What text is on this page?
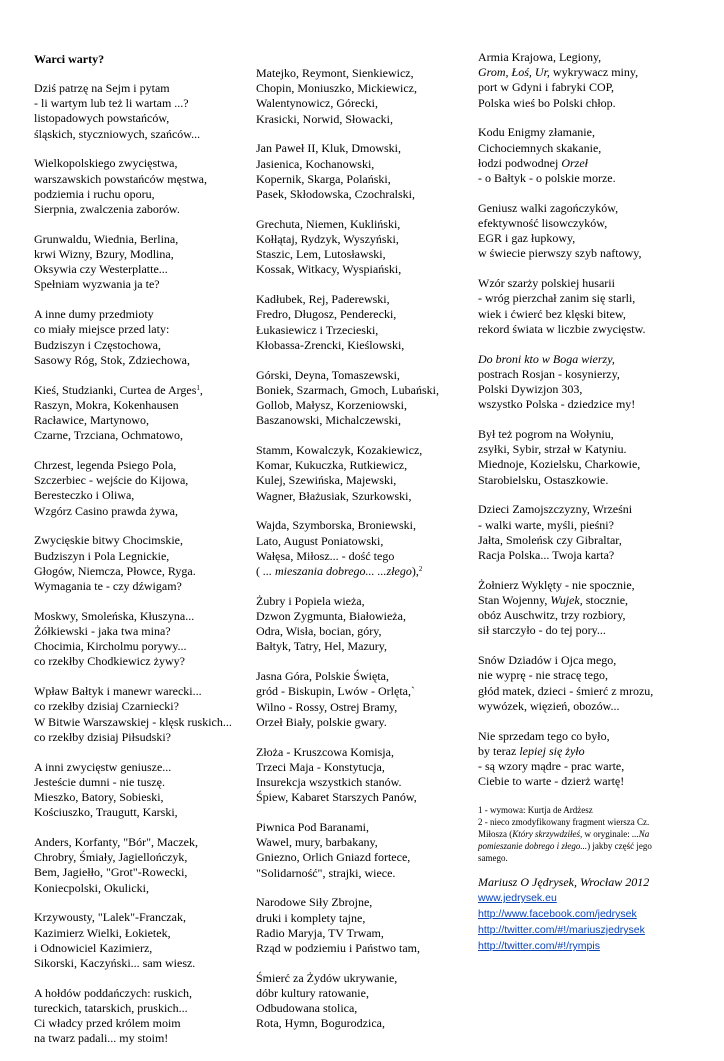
Warci warty?
Dziś patrzę na Sejm i pytam
- li wartym lub też li wartam ...?
listopadowych powstańców,
śląskich, styczniowych, szańców...
Wielkopolskiego zwycięstwa,
warszawskich powstańców męstwa,
podziemia i ruchu oporu,
Sierpnia, zwalczenia zaborów.
Grunwaldu, Wiednia, Berlina,
krwi Wizny, Bzury, Modlina,
Oksywia czy Westerplatte...
Spełniam wyzwania ja te?
A inne dumy przedmioty
co miały miejsce przed laty:
Budziszyn i Częstochowa,
Sasowy Róg, Stok, Zdziechowa,
Kieś, Studzianki, Curtea de Arges$^1$,
Raszyn, Mokra, Kokenhausen
Racławice, Martynowo,
Czarne, Trzciana, Ochmatowo,
Chrzest, legenda Psiego Pola,
Szczerbiec - wejście do Kijowa,
Beresteczko i Oliwa,
Wzgórz Casino prawda żywa,
Zwycięskie bitwy Chocimskie,
Budziszyn i Pola Legnickie,
Głogów, Niemcza, Płowce, Ryga.
Wymagania te - czy dźwigam?
Moskwy, Smoleńska, Kłuszyna...
Żółkiewski - jaka twa mina?
Chocimia, Kircholmu porywy...
co rzekłby Chodkiewicz żywy?
Wpław Bałtyk i manewr warecki...
co rzekłby dzisiaj Czarniecki?
W Bitwie Warszawskiej - klęsk ruskich...
co rzekłby dzisiaj Piłsudski?
A inni zwycięstw geniusze...
Jesteście dumni - nie tuszę.
Mieszko, Batory, Sobieski,
Kościuszko, Traugutt, Karski,
Anders, Korfanty, "Bór", Maczek,
Chrobry, Śmiały, Jagiellończyk,
Bem, Jagiełło, "Grot"-Rowecki,
Koniecpolski, Okulicki,
Krzywousty, "Lalek"-Franczak,
Kazimierz Wielki, Łokietek,
i Odnowiciel Kazimierz,
Sikorski, Kaczyński... sam wiesz.
A hołdów poddańczych: ruskich,
tureckich, tatarskich, pruskich...
Ci władcy przed królem moim
na twarz padali... my stoim!
Matejko, Reymont, Sienkiewicz,
Chopin, Moniuszko, Mickiewicz,
Walentynowicz, Górecki,
Krasicki, Norwid, Słowacki,
Jan Paweł II, Kluk, Dmowski,
Jasienica, Kochanowski,
Kopernik, Skarga, Polański,
Pasek, Skłodowska, Czochralski,
Grechuta, Niemen, Kukliński,
Kołłątaj, Rydzyk, Wyszyński,
Staszic, Lem, Lutosławski,
Kossak, Witkacy, Wyspiański,
Kadłubek, Rej, Paderewski,
Fredro, Długosz, Penderecki,
Łukasiewicz i Trzecieski,
Kłobassa-Zrencki, Kieślowski,
Górski, Deyna, Tomaszewski,
Boniek, Szarmach, Gmoch, Lubański,
Gollob, Małysz, Korzeniowski,
Baszanowski, Michalczewski,
Stamm, Kowalczyk, Kozakiewicz,
Komar, Kukuczka, Rutkiewicz,
Kulej, Szewińska, Majewski,
Wagner, Błażusiak, Szurkowski,
Wajda, Szymborska, Broniewski,
Lato, August Poniatowski,
Wałęsa, Miłosz... - dość tego
( ... mieszania dobrego... ...złego),$^2$
Żubry i Popiela wieża,
Dzwon Zygmunta, Białowieża,
Odra, Wisła, bocian, góry,
Bałtyk, Tatry, Hel, Mazury,
Jasna Góra, Polskie Święta,
gród - Biskupin, Lwów - Orlęta,`
Wilno - Rossy, Ostrej Bramy,
Orzeł Biały, polskie gwary.
Złoża - Kruszcowa Komisja,
Trzeci Maja - Konstytucja,
Insurekcja wszystkich stanów.
Śpiew, Kabaret Starszych Panów,
Piwnica Pod Baranami,
Wawel, mury, barbakany,
Gniezno, Orlich Gniazd fortece,
"Solidarność", strajki, wiece.
Narodowe Siły Zbrojne,
druki i komplety tajne,
Radio Maryja, TV Trwam,
Rząd w podziemiu i Państwo tam,
Śmierć za Żydów ukrywanie,
dóbr kultury ratowanie,
Odbudowana stolica,
Rota, Hymn, Bogurodzica,
Armia Krajowa, Legiony,
Grom, Łoś, Ur, wykrywacz miny,
port w Gdyni i fabryki COP,
Polska wieś bo Polski chłop.
Kodu Enigmy złamanie,
Cichociemnych skakanie,
łodzi podwodnej Orzeł
- o Bałtyk - o polskie morze.
Geniusz walki zagończyków,
efektywność lisowczyków,
EGR i gaz łupkowy,
w świecie pierwszy szyb naftowy,
Wzór szarży polskiej husarii
- wróg pierzchał zanim się starli,
wiek i ćwierć bez klęski bitew,
rekord świata w liczbie zwycięstw.
Do broni kto w Boga wierzy,
postrach Rosjan - kosynierzy,
Polski Dywizjon 303,
wszystko Polska - dziedzice my!
Był też pogrom na Wołyniu,
zsyłki, Sybir, strzał w Katyniu.
Miednoje, Kozielsku, Charkowie,
Starobielsku, Ostaszkowie.
Dzieci Zamojszczyzny, Wrześni
- walki warte, myśli, pieśni?
Jałta, Smoleńsk czy Gibraltar,
Racja Polska... Twoja karta?
Żołnierz Wyklęty - nie spocznie,
Stan Wojenny, Wujek, stocznie,
obóz Auschwitz, trzy rozbiory,
sił starczyło - do tej pory...
Snów Dziadów i Ojca mego,
nie wyprę - nie stracę tego,
głód matek, dzieci - śmierć z mrozu,
wywózek, więzień, obozów...
Nie sprzedam tego co było,
by teraz lepiej się żyło
- są wzory mądre - prac warte,
Ciebie to warte - dzierż wartę!
1 - wymowa: Kurtja de Ardżesz
2 - nieco zmodyfikowany fragment wiersza Cz.
Miłosza (Który skrzywdziłeś, w oryginale: ...Na
pomieszanie dobrego i złego...) jakby część jego
samego.
Mariusz O Jędrysek, Wrocław 2012
www.jedrysek.eu
http://www.facebook.com/jedrysek
http://twitter.com/#!/mariuszjedrysek
http://twitter.com/#!/rympis
